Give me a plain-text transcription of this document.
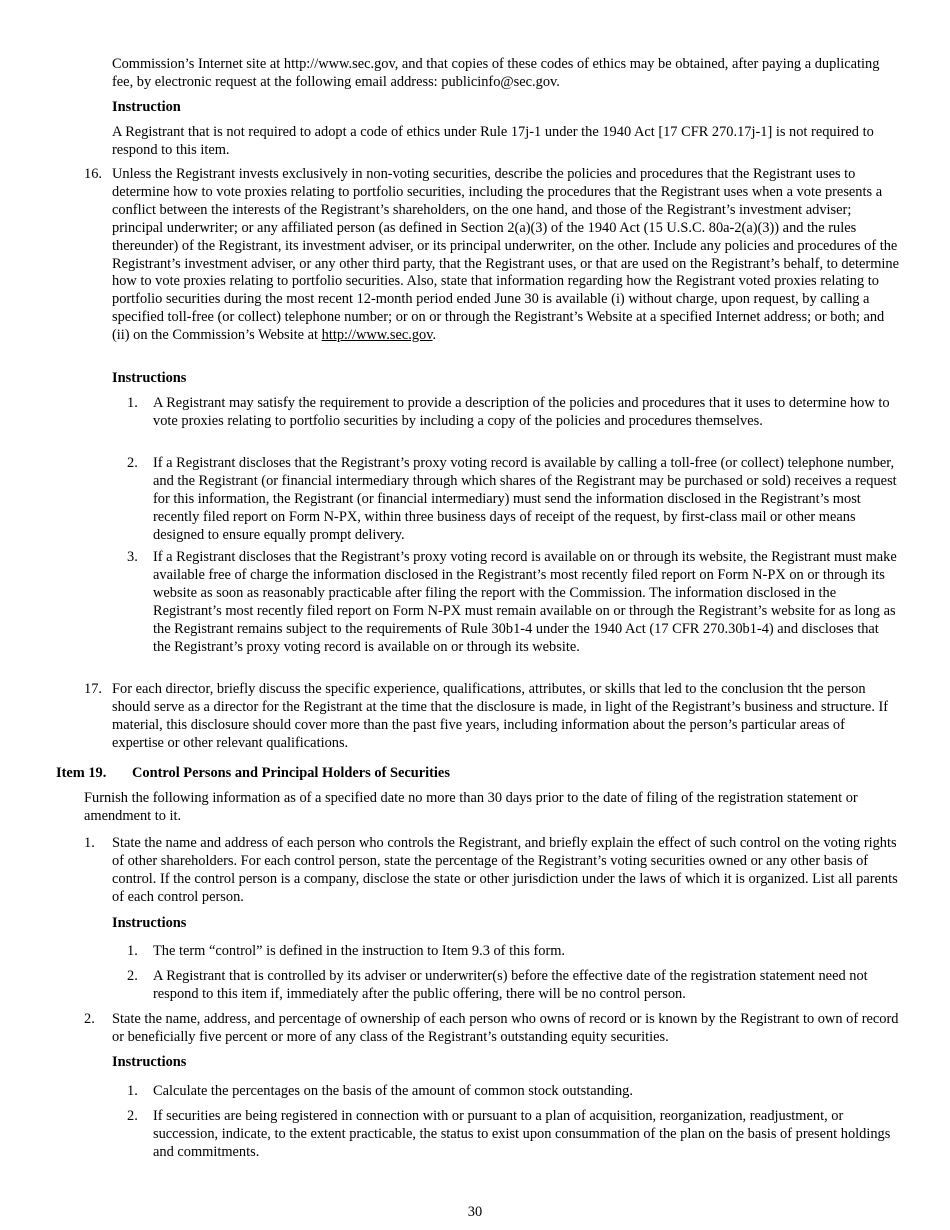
Commission’s Internet site at http://www.sec.gov, and that copies of these codes of ethics may be obtained, after paying a duplicating fee, by electronic request at the following email address: publicinfo@sec.gov.

Instruction

A Registrant that is not required to adopt a code of ethics under Rule 17j-1 under the 1940 Act [17 CFR 270.17j-1] is not required to respond to this item.

16. Unless the Registrant invests exclusively in non-voting securities, describe the policies and procedures that the Registrant uses to determine how to vote proxies relating to portfolio securities, including the procedures that the Registrant uses when a vote presents a conflict between the interests of the Registrant’s shareholders, on the one hand, and those of the Registrant’s investment adviser; principal underwriter; or any affiliated person (as defined in Section 2(a)(3) of the 1940 Act (15 U.S.C. 80a-2(a)(3)) and the rules thereunder) of the Registrant, its investment adviser, or its principal underwriter, on the other. Include any policies and procedures of the Registrant’s investment adviser, or any other third party, that the Registrant uses, or that are used on the Registrant’s behalf, to determine how to vote proxies relating to portfolio securities. Also, state that information regarding how the Registrant voted proxies relating to portfolio securities during the most recent 12-month period ended June 30 is available (i) without charge, upon request, by calling a specified toll-free (or collect) telephone number; or on or through the Registrant’s Website at a specified Internet address; or both; and (ii) on the Commission’s Website at http://www.sec.gov.

Instructions

1. A Registrant may satisfy the requirement to provide a description of the policies and procedures that it uses to determine how to vote proxies relating to portfolio securities by including a copy of the policies and procedures themselves.

2. If a Registrant discloses that the Registrant’s proxy voting record is available by calling a toll-free (or collect) telephone number, and the Registrant (or financial intermediary through which shares of the Registrant may be purchased or sold) receives a request for this information, the Registrant (or financial intermediary) must send the information disclosed in the Registrant’s most recently filed report on Form N-PX, within three business days of receipt of the request, by first-class mail or other means designed to ensure equally prompt delivery.

3. If a Registrant discloses that the Registrant’s proxy voting record is available on or through its website, the Registrant must make available free of charge the information disclosed in the Registrant’s most recently filed report on Form N-PX on or through its website as soon as reasonably practicable after filing the report with the Commission. The information disclosed in the Registrant’s most recently filed report on Form N-PX must remain available on or through the Registrant’s website for as long as the Registrant remains subject to the requirements of Rule 30b1-4 under the 1940 Act (17 CFR 270.30b1-4) and discloses that the Registrant’s proxy voting record is available on or through its website.

17. For each director, briefly discuss the specific experience, qualifications, attributes, or skills that led to the conclusion tht the person should serve as a director for the Registrant at the time that the disclosure is made, in light of the Registrant’s business and structure. If material, this disclosure should cover more than the past five years, including information about the person’s particular areas of expertise or other relevant qualifications.

Item 19. Control Persons and Principal Holders of Securities

Furnish the following information as of a specified date no more than 30 days prior to the date of filing of the registration statement or amendment to it.

1. State the name and address of each person who controls the Registrant, and briefly explain the effect of such control on the voting rights of other shareholders. For each control person, state the percentage of the Registrant’s voting securities owned or any other basis of control. If the control person is a company, disclose the state or other jurisdiction under the laws of which it is organized. List all parents of each control person.

Instructions

1. The term “control” is defined in the instruction to Item 9.3 of this form.

2. A Registrant that is controlled by its adviser or underwriter(s) before the effective date of the registration statement need not respond to this item if, immediately after the public offering, there will be no control person.

2. State the name, address, and percentage of ownership of each person who owns of record or is known by the Registrant to own of record or beneficially five percent or more of any class of the Registrant’s outstanding equity securities.

Instructions

1. Calculate the percentages on the basis of the amount of common stock outstanding.

2. If securities are being registered in connection with or pursuant to a plan of acquisition, reorganization, readjustment, or succession, indicate, to the extent practicable, the status to exist upon consummation of the plan on the basis of present holdings and commitments.

30
